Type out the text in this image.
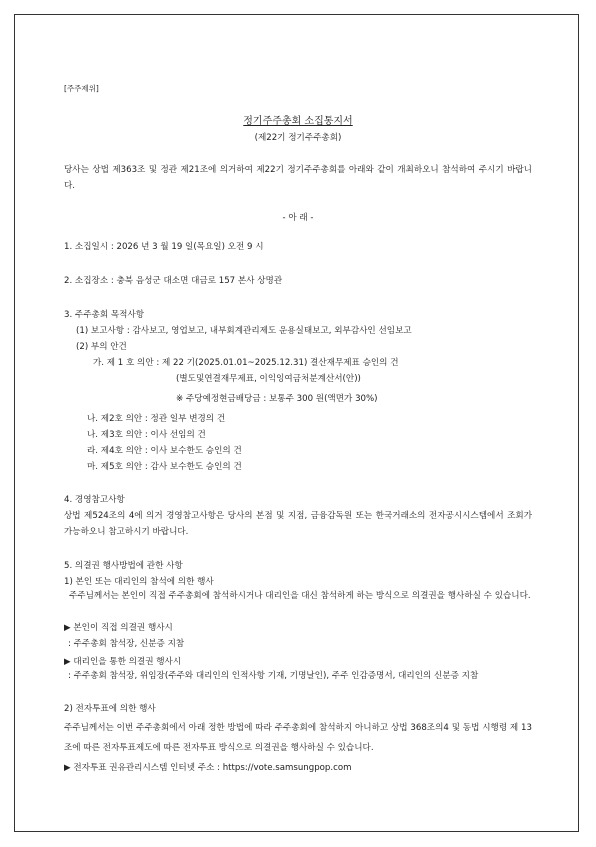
[주주제위]
정기주주총회 소집통지서
(제22기 정기주주총회)
당사는 상법 제363조 및 정관 제21조에 의거하여 제22기 정기주주총회를 아래와 같이 개최하오니 참석하여 주시기 바랍니다.
- 아 래 -
1. 소집일시 : 2026 년 3 월 19 일(목요일) 오전 9 시
2. 소집장소 : 충북 음성군 대소면 대금로 157 본사 상명관
3. 주주총회 목적사항
(1) 보고사항 : 감사보고, 영업보고, 내부회계관리제도 운용실태보고, 외부감사인 선임보고
(2) 부의 안건
가. 제 1 호 의안 : 제 22 기(2025.01.01~2025.12.31) 결산재무제표 승인의 건
(별도및연결재무제표, 이익잉여금처분계산서(안))
※ 주당예정현금배당금 : 보통주 300 원(액면가 30%)
나. 제2호 의안 : 정관 일부 변경의 건
나. 제3호 의안 : 이사 선임의 건
라. 제4호 의안 : 이사 보수한도 승인의 건
마. 제5호 의안 : 감사 보수한도 승인의 건
4. 경영참고사항
상법 제524조의 4에 의거 경영참고사항은 당사의 본점 및 지점, 금융감독원 또는 한국거래소의 전자공시시스템에서 조회가 가능하오니 참고하시기 바랍니다.
5. 의결권 행사방법에 관한 사항
1) 본인 또는 대리인의 참석에 의한 행사
주주님께서는 본인이 직접 주주총회에 참석하시거나 대리인을 대신 참석하게 하는 방식으로 의결권을 행사하실 수 있습니다.
▶ 본인이 직접 의결권 행사시
: 주주총회 참석장, 신분증 지참
▶ 대리인을 통한 의결권 행사시
: 주주총회 참석장, 위임장(주주와 대리인의 인적사항 기재, 기명날인), 주주 인감증명서, 대리인의 신분증 지참
2) 전자투표에 의한 행사
주주님께서는 이번 주주총회에서 아래 정한 방법에 따라 주주총회에 참석하지 아니하고 상법 368조의4 및 동법 시행령 제 13조에 따른 전자투표제도에 따른 전자투표 방식으로 의결권을 행사하실 수 있습니다.
▶ 전자투표 권유관리시스템 인터넷 주소 : https://vote.samsungpop.com
